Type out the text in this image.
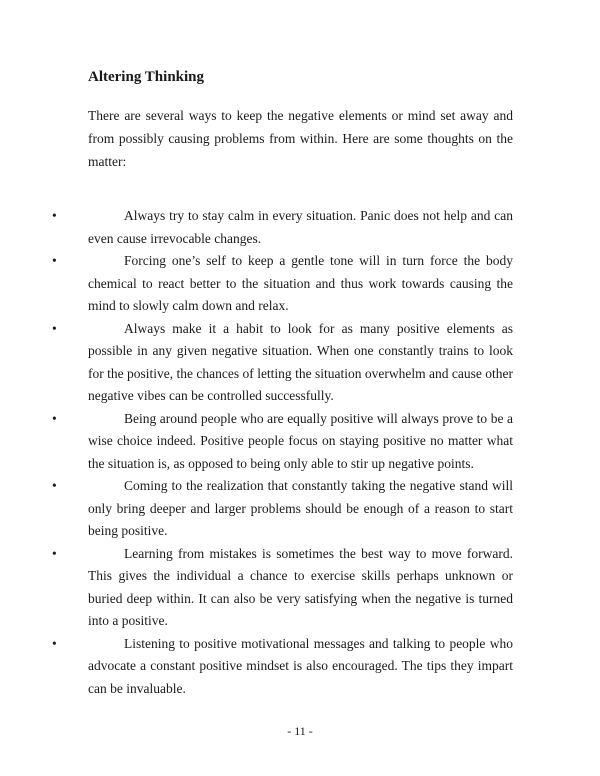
Altering Thinking

There are several ways to keep the negative elements or mind set away and from possibly causing problems from within. Here are some thoughts on the matter:

•	Always try to stay calm in every situation. Panic does not help and can even cause irrevocable changes.
•	Forcing one’s self to keep a gentle tone will in turn force the body chemical to react better to the situation and thus work towards causing the mind to slowly calm down and relax.
•	Always make it a habit to look for as many positive elements as possible in any given negative situation. When one constantly trains to look for the positive, the chances of letting the situation overwhelm and cause other negative vibes can be controlled successfully.
•	Being around people who are equally positive will always prove to be a wise choice indeed. Positive people focus on staying positive no matter what the situation is, as opposed to being only able to stir up negative points.
•	Coming to the realization that constantly taking the negative stand will only bring deeper and larger problems should be enough of a reason to start being positive.
•	Learning from mistakes is sometimes the best way to move forward. This gives the individual a chance to exercise skills perhaps unknown or buried deep within. It can also be very satisfying when the negative is turned into a positive.
•	Listening to positive motivational messages and talking to people who advocate a constant positive mindset is also encouraged. The tips they impart can be invaluable.
- 11 -
